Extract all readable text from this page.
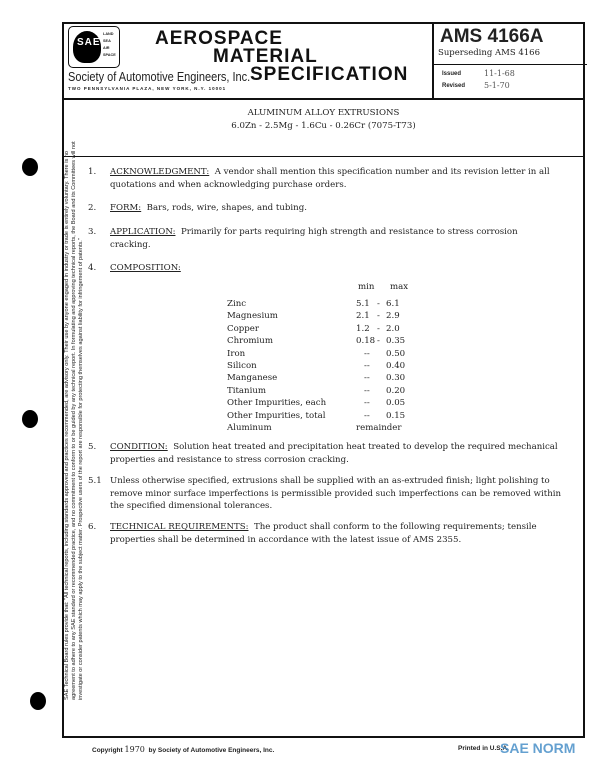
SAE
LAND SEA AIR SPACE
AEROSPACE
MATERIAL
SPECIFICATION
Society of Automotive Engineers, Inc.
TWO PENNSYLVANIA PLAZA, NEW YORK, N.Y. 10001
AMS 4166A
Superseding AMS 4166
Issued	11-1-68
Revised 5-1-70
ALUMINUM ALLOY EXTRUSIONS
6.0Zn - 2.5Mg - 1.6Cu - 0.26Cr (7075-T73)
1.	ACKNOWLEDGMENT: A vendor shall mention this specification number and its revision letter in all quotations and when acknowledging purchase orders.
2.	FORM: Bars, rods, wire, shapes, and tubing.
3.	APPLICATION: Primarily for parts requiring high strength and resistance to stress corrosion cracking.
4.	COMPOSITION:
min max
Zinc	5.1 - 6.1
Magnesium	2.1 - 2.9
Copper	1.2 - 2.0
Chromium	0.18 - 0.35
Iron	-- 0.50
Silicon	-- 0.40
Manganese	-- 0.30
Titanium	-- 0.20
Other Impurities, each	-- 0.05
Other Impurities, total	-- 0.15
Aluminum	remainder
5.	CONDITION: Solution heat treated and precipitation heat treated to develop the required mechanical properties and resistance to stress corrosion cracking.
5.1 Unless otherwise specified, extrusions shall be supplied with an as-extruded finish; light polishing to remove minor surface imperfections is permissible provided such imperfections can be removed within the specified dimensional tolerances.
6.	TECHNICAL REQUIREMENTS: The product shall conform to the following requirements; tensile properties shall be determined in accordance with the latest issue of AMS 2355.
SAE Technical Board rules provide that: "All technical reports, including standards approved and practices recommended, are advisory only. Their use by anyone engaged in industry or trade is entirely voluntary. There is no agreement to adhere to any SAE standard or recommended practice, and no commitment to conform to or be guided by any technical report. In formulating and approving technical reports, the Board and its Committees will not investigate or consider patents which may apply to the subject matter. Prospective users of the report are responsible for protecting themselves against liability for infringement of patents."
Copyright 1970 by Society of Automotive Engineers, Inc.	Printed in U.S.A.
SAE NORM
